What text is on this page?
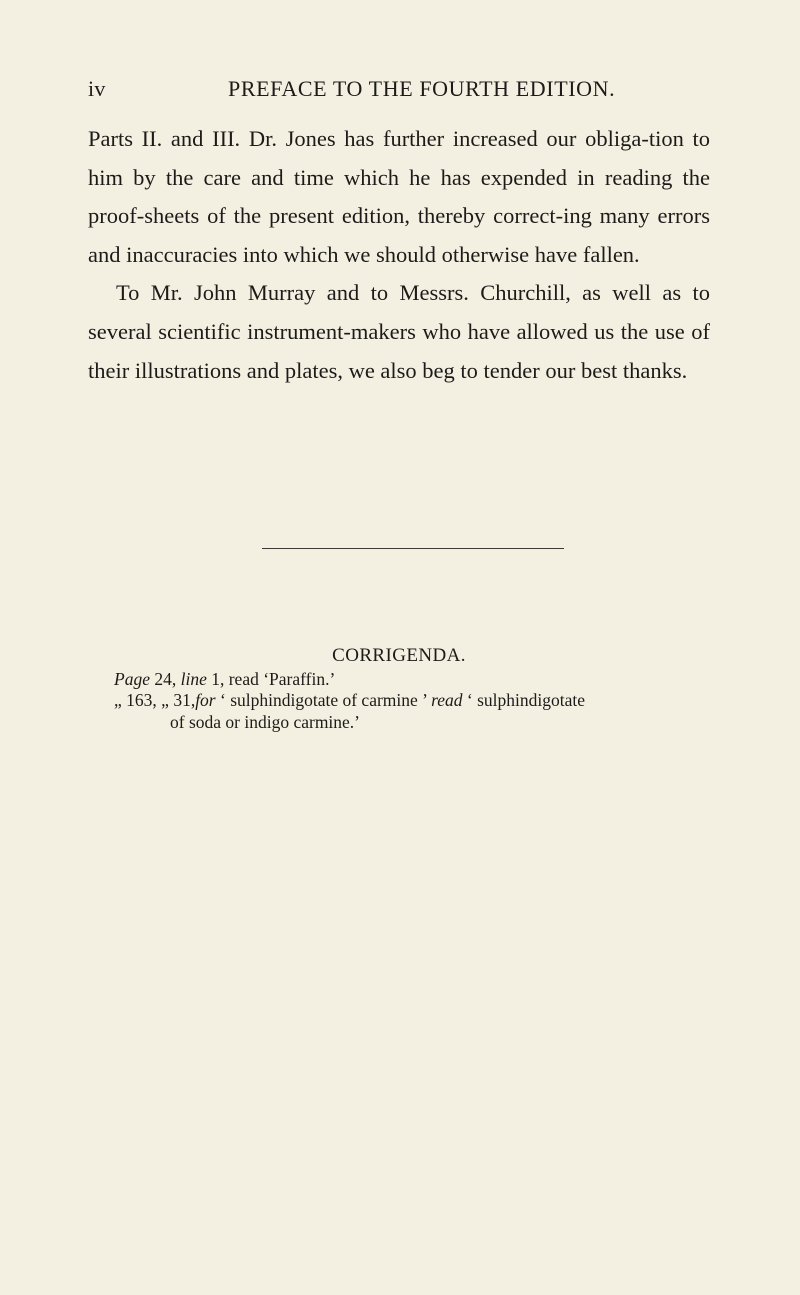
iv	PREFACE TO THE FOURTH EDITION.

Parts II. and III. Dr. Jones has further increased our obliga-tion to him by the care and time which he has expended in reading the proof-sheets of the present edition, thereby correct-ing many errors and inaccuracies into which we should otherwise have fallen.

To Mr. John Murray and to Messrs. Churchill, as well as to several scientific instrument-makers who have allowed us the use of their illustrations and plates, we also beg to tender our best thanks.

CORRIGENDA.
Page 24, line 1, read ‘Paraffin.’
„ 163, „ 31,for ‘ sulphindigotate of carmine ’ read ‘ sulphindigotate
of soda or indigo carmine.’
